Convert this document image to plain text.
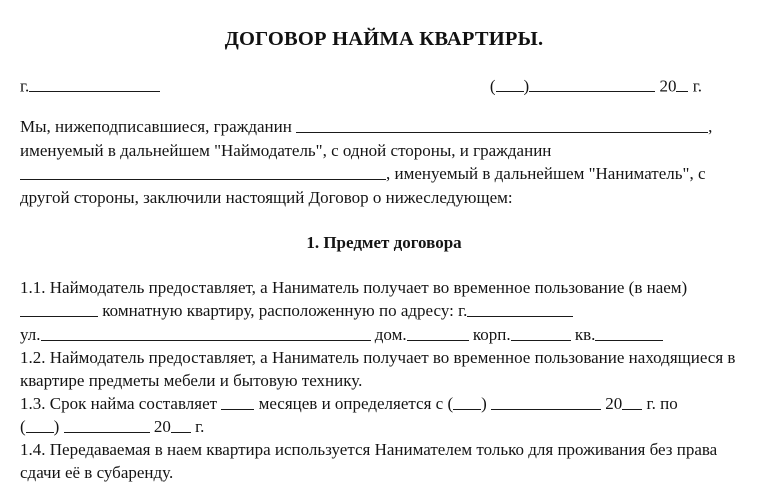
ДОГОВОР НАЙМА КВАРТИРЫ.
г.	( )	20 г.

Мы, нижеподписавшиеся, гражданин	,

именуемый в дальнейшем "Наймодатель", с одной стороны, и гражданин

, именуемый в дальнейшем "Наниматель", с

другой стороны, заключили настоящий Договор о нижеследующем:

1. Предмет договора

1.1. Наймодатель предоставляет, а Наниматель получает во временное пользование (в наем)  комнатную квартиру, расположенную по адресу: г.

ул.	дом.	корп.	кв.

1.2. Наймодатель предоставляет, а Наниматель получает во временное пользование находящиеся в квартире предметы мебели и бытовую технику.

1.3. Срок найма составляет месяцев и определяется с ( )	20 г. по

( )	20 г.

1.4. Передаваемая в наем квартира используется Нанимателем только для проживания без права сдачи её в субаренду.
